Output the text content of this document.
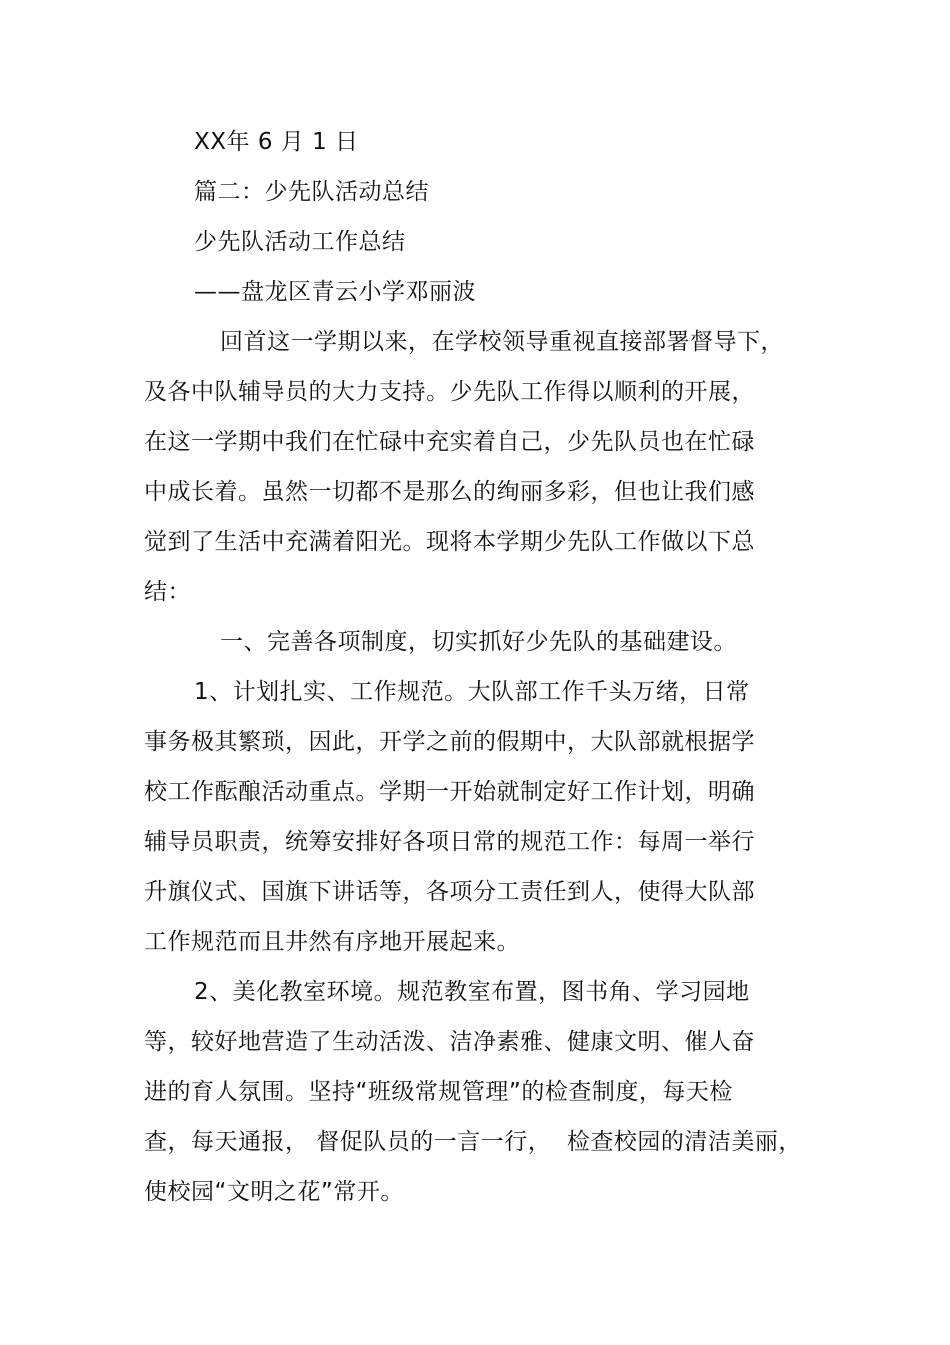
XX年 6 月 1 日
篇二：少先队活动总结
少先队活动工作总结
——盘龙区青云小学邓丽波
回首这一学期以来，在学校领导重视直接部署督导下，
及各中队辅导员的大力支持。少先队工作得以顺利的开展，
在这一学期中我们在忙碌中充实着自己，少先队员也在忙碌
中成长着。虽然一切都不是那么的绚丽多彩，但也让我们感
觉到了生活中充满着阳光。现将本学期少先队工作做以下总
结：
一、完善各项制度，切实抓好少先队的基础建设。
1、计划扎实、工作规范。大队部工作千头万绪，日常
事务极其繁琐，因此，开学之前的假期中，大队部就根据学
校工作酝酿活动重点。学期一开始就制定好工作计划，明确
辅导员职责，统筹安排好各项日常的规范工作：每周一举行
升旗仪式、国旗下讲话等，各项分工责任到人，使得大队部
工作规范而且井然有序地开展起来。
2、美化教室环境。规范教室布置，图书角、学习园地
等，较好地营造了生动活泼、洁净素雅、健康文明、催人奋
进的育人氛围。坚持“班级常规管理”的检查制度，每天检
查，每天通报， 督促队员的一言一行，  检查校园的清洁美丽，
使校园“文明之花”常开。
